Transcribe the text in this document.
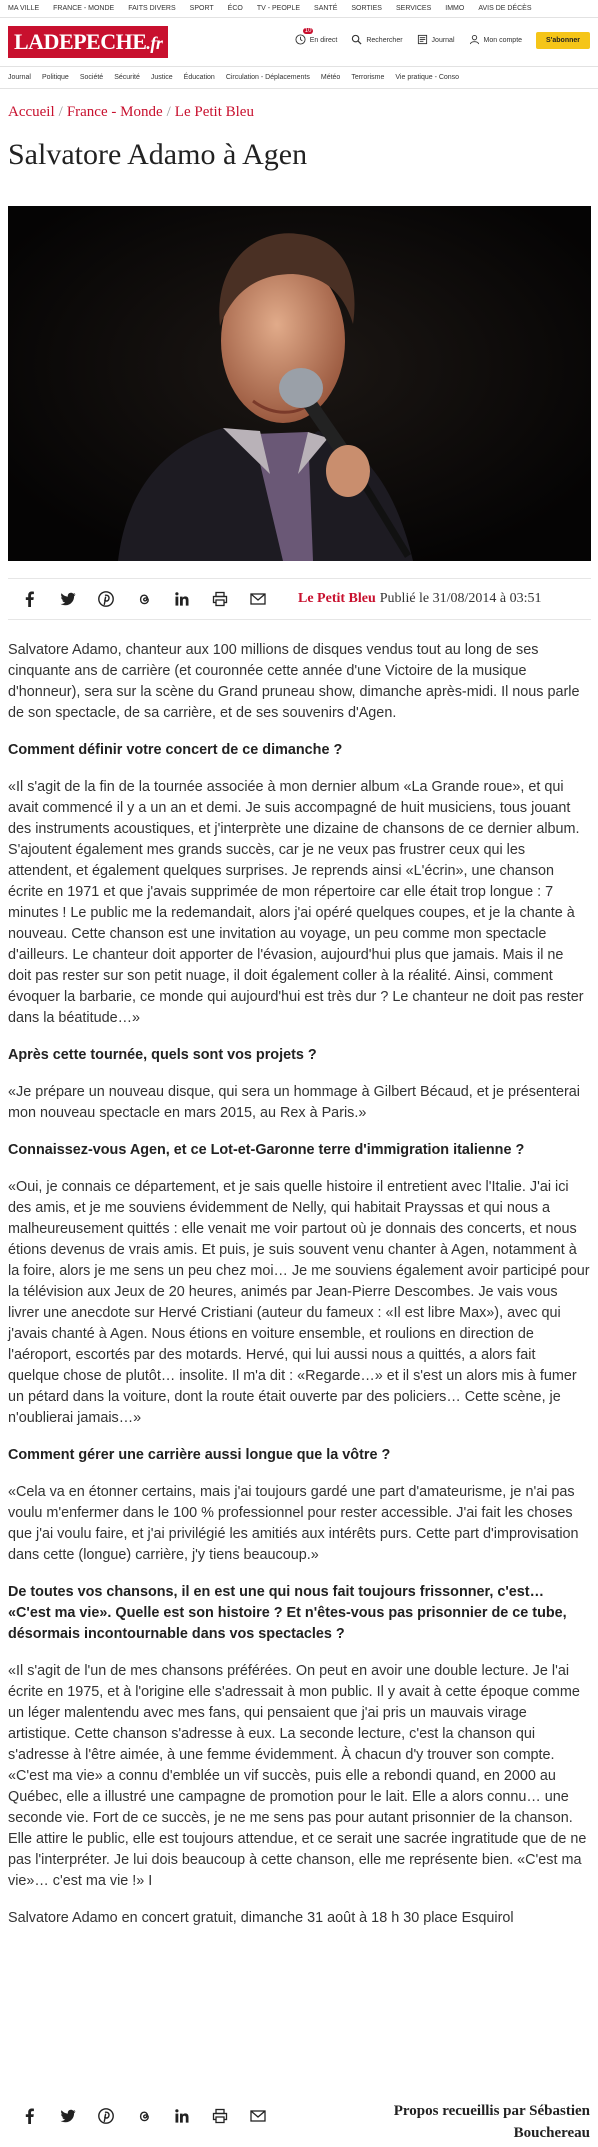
MA VILLE FRANCE - MONDE FAITS DIVERS SPORT ÉCO TV - PEOPLE SANTÉ SORTIES SERVICES IMMO AVIS DE DÉCÈS
LADEPECHE .fr
10
En direct	Rechercher	Journal	Mon compte	S'abonner
Journal Politique Société Sécurité Justice Éducation Circulation - Déplacements Météo Terrorisme Vie pratique - Conso
Accueil / France - Monde / Le Petit Bleu
Salvatore Adamo à Agen
Le Petit Bleu Publié le 31/08/2014 à 03:51

Salvatore Adamo, chanteur aux 100 millions de disques vendus tout au long de ses cinquante ans de carrière (et couronnée cette année d'une Victoire de la musique d'honneur), sera sur la scène du Grand pruneau show, dimanche après-midi. Il nous parle de son spectacle, de sa carrière, et de ses souvenirs d'Agen.

Comment définir votre concert de ce dimanche ?

«Il s'agit de la fin de la tournée associée à mon dernier album «La Grande roue», et qui avait commencé il y a un an et demi. Je suis accompagné de huit musiciens, tous jouant des instruments acoustiques, et j'interprète une dizaine de chansons de ce dernier album. S'ajoutent également mes grands succès, car je ne veux pas frustrer ceux qui les attendent, et également quelques surprises. Je reprends ainsi «L'écrin», une chanson écrite en 1971 et que j'avais supprimée de mon répertoire car elle était trop longue : 7 minutes ! Le public me la redemandait, alors j'ai opéré quelques coupes, et je la chante à nouveau. Cette chanson est une invitation au voyage, un peu comme mon spectacle d'ailleurs. Le chanteur doit apporter de l'évasion, aujourd'hui plus que jamais. Mais il ne doit pas rester sur son petit nuage, il doit également coller à la réalité. Ainsi, comment évoquer la barbarie, ce monde qui aujourd'hui est très dur ? Le chanteur ne doit pas rester dans la béatitude…»

Après cette tournée, quels sont vos projets ?

«Je prépare un nouveau disque, qui sera un hommage à Gilbert Bécaud, et je présenterai mon nouveau spectacle en mars 2015, au Rex à Paris.»

Connaissez-vous Agen, et ce Lot-et-Garonne terre d'immigration italienne ?

«Oui, je connais ce département, et je sais quelle histoire il entretient avec l'Italie. J'ai ici des amis, et je me souviens évidemment de Nelly, qui habitait Prayssas et qui nous a malheureusement quittés : elle venait me voir partout où je donnais des concerts, et nous étions devenus de vrais amis. Et puis, je suis souvent venu chanter à Agen, notamment à la foire, alors je me sens un peu chez moi… Je me souviens également avoir participé pour la télévision aux Jeux de 20 heures, animés par Jean-Pierre Descombes. Je vais vous livrer une anecdote sur Hervé Cristiani (auteur du fameux : «Il est libre Max»), avec qui j'avais chanté à Agen. Nous étions en voiture ensemble, et roulions en direction de l'aéroport, escortés par des motards. Hervé, qui lui aussi nous a quittés, a alors fait quelque chose de plutôt… insolite. Il m'a dit : «Regarde…» et il s'est un alors mis à fumer un pétard dans la voiture, dont la route était ouverte par des policiers… Cette scène, je n'oublierai jamais…»

Comment gérer une carrière aussi longue que la vôtre ?

«Cela va en étonner certains, mais j'ai toujours gardé une part d'amateurisme, je n'ai pas voulu m'enfermer dans le 100 % professionnel pour rester accessible. J'ai fait les choses que j'ai voulu faire, et j'ai privilégié les amitiés aux intérêts purs. Cette part d'improvisation dans cette (longue) carrière, j'y tiens beaucoup.»

De toutes vos chansons, il en est une qui nous fait toujours frissonner, c'est… «C'est ma vie». Quelle est son histoire ? Et n'êtes-vous pas prisonnier de ce tube, désormais incontournable dans vos spectacles ?

«Il s'agit de l'un de mes chansons préférées. On peut en avoir une double lecture. Je l'ai écrite en 1975, et à l'origine elle s'adressait à mon public. Il y avait à cette époque comme un léger malentendu avec mes fans, qui pensaient que j'ai pris un mauvais virage artistique. Cette chanson s'adresse à eux. La seconde lecture, c'est la chanson qui s'adresse à l'être aimée, à une femme évidemment. À chacun d'y trouver son compte. «C'est ma vie» a connu d'emblée un vif succès, puis elle a rebondi quand, en 2000 au Québec, elle a illustré une campagne de promotion pour le lait. Elle a alors connu… une seconde vie. Fort de ce succès, je ne me sens pas pour autant prisonnier de la chanson. Elle attire le public, elle est toujours attendue, et ce serait une sacrée ingratitude que de ne pas l'interpréter. Je lui dois beaucoup à cette chanson, elle me représente bien. «C'est ma vie»… c'est ma vie !» I

Salvatore Adamo en concert gratuit, dimanche 31 août à 18 h 30 place Esquirol

Propos recueillis par Sébastien
Bouchereau
